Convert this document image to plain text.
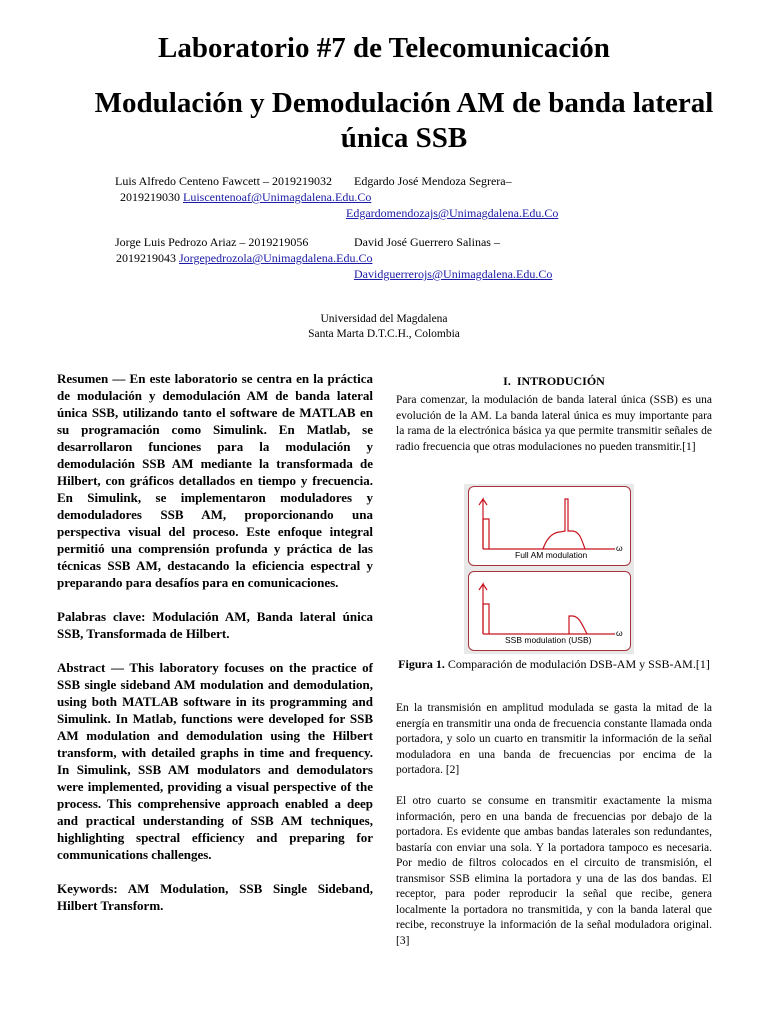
Laboratorio #7 de Telecomunicación
Modulación y Demodulación AM de banda lateral única SSB
Luis Alfredo Centeno Fawcett – 2019219032 Edgardo José Mendoza Segrera–
2019219030 Luiscentenoaf@Unimagdalena.Edu.Co
Edgardomendozajs@Unimagdalena.Edu.Co
Jorge Luis Pedrozo Ariaz – 2019219056	David José Guerrero Salinas –
2019219043 Jorgepedrozola@Unimagdalena.Edu.Co
Davidguerrerojs@Unimagdalena.Edu.Co
Universidad del Magdalena
Santa Marta D.T.C.H., Colombia

Resumen — En este laboratorio se centra en la práctica de modulación y demodulación AM de banda lateral única SSB, utilizando tanto el software de MATLAB en su programación como Simulink. En Matlab, se desarrollaron funciones para la modulación y demodulación SSB AM mediante la transformada de Hilbert, con gráficos detallados en tiempo y frecuencia. En Simulink, se implementaron moduladores y demoduladores SSB AM, proporcionando una perspectiva visual del proceso. Este enfoque integral permitió una comprensión profunda y práctica de las técnicas SSB AM, destacando la eficiencia espectral y preparando para desafíos para en comunicaciones.

Palabras clave: Modulación AM, Banda lateral única SSB, Transformada de Hilbert.

Abstract — This laboratory focuses on the practice of SSB single sideband AM modulation and demodulation, using both MATLAB software in its programming and Simulink. In Matlab, functions were developed for SSB AM modulation and demodulation using the Hilbert transform, with detailed graphs in time and frequency. In Simulink, SSB AM modulators and demodulators were implemented, providing a visual perspective of the process. This comprehensive approach enabled a deep and practical understanding of SSB AM techniques, highlighting spectral efficiency and preparing for communications challenges.

Keywords: AM Modulation, SSB Single Sideband, Hilbert Transform.

I. INTRODUCIÓN

Para comenzar, la modulación de banda lateral única (SSB) es una evolución de la AM. La banda lateral única es muy importante para la rama de la electrónica básica ya que permite transmitir señales de radio frecuencia que otras modulaciones no pueden transmitir.[1]

Full AM modulation
ω
SSB modulation (USB)
ω
Figura 1. Comparación de modulación DSB-AM y SSB-AM.[1]

En la transmisión en amplitud modulada se gasta la mitad de la energía en transmitir una onda de frecuencia constante llamada onda portadora, y solo un cuarto en transmitir la información de la señal moduladora en una banda de frecuencias por encima de la portadora. [2]

El otro cuarto se consume en transmitir exactamente la misma información, pero en una banda de frecuencias por debajo de la portadora. Es evidente que ambas bandas laterales son redundantes, bastaría con enviar una sola. Y la portadora tampoco es necesaria. Por medio de filtros colocados en el circuito de transmisión, el transmisor SSB elimina la portadora y una de las dos bandas. El receptor, para poder reproducir la señal que recibe, genera localmente la portadora no transmitida, y con la banda lateral que recibe, reconstruye la información de la señal moduladora original. [3]
